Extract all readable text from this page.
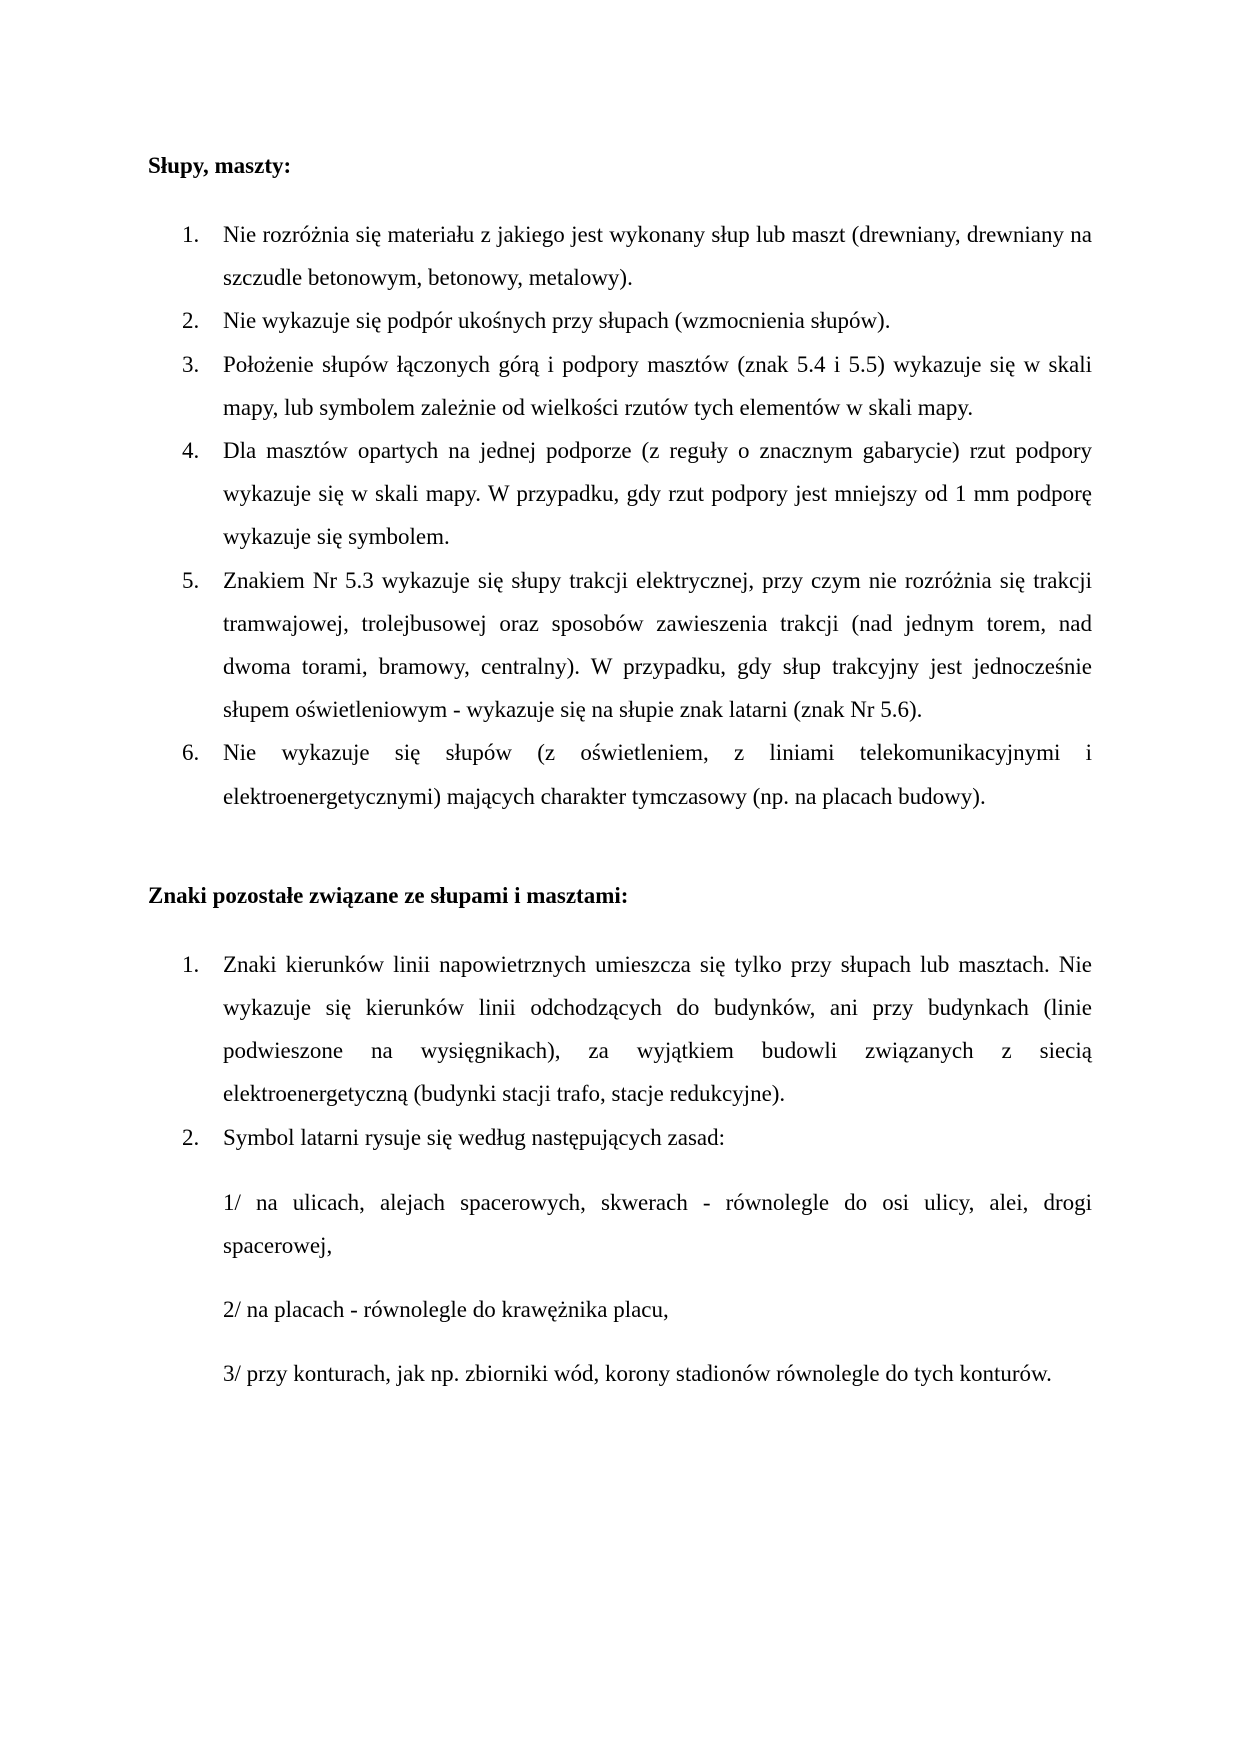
Słupy, maszty:

1. Nie rozróżnia się materiału z jakiego jest wykonany słup lub maszt (drewniany, drewniany na szczudle betonowym, betonowy, metalowy).
2. Nie wykazuje się podpór ukośnych przy słupach (wzmocnienia słupów).
3. Położenie słupów łączonych górą i podpory masztów (znak 5.4 i 5.5) wykazuje się w skali mapy, lub symbolem zależnie od wielkości rzutów tych elementów w skali mapy.
4. Dla masztów opartych na jednej podporze (z reguły o znacznym gabarycie) rzut podpory wykazuje się w skali mapy. W przypadku, gdy rzut podpory jest mniejszy od 1 mm podporę wykazuje się symbolem.
5. Znakiem Nr 5.3 wykazuje się słupy trakcji elektrycznej, przy czym nie rozróżnia się trakcji tramwajowej, trolejbusowej oraz sposobów zawieszenia trakcji (nad jednym torem, nad dwoma torami, bramowy, centralny). W przypadku, gdy słup trakcyjny jest jednocześnie słupem oświetleniowym - wykazuje się na słupie znak latarni (znak Nr 5.6).
6. Nie wykazuje się słupów (z oświetleniem, z liniami telekomunikacyjnymi i elektroenergetycznymi) mających charakter tymczasowy (np. na placach budowy).

Znaki pozostałe związane ze słupami i masztami:

1. Znaki kierunków linii napowietrznych umieszcza się tylko przy słupach lub masztach. Nie wykazuje się kierunków linii odchodzących do budynków, ani przy budynkach (linie podwieszone na wysięgnikach), za wyjątkiem budowli związanych z siecią elektroenergetyczną (budynki stacji trafo, stacje redukcyjne).
2. Symbol latarni rysuje się według następujących zasad:

1/ na ulicach, alejach spacerowych, skwerach - równolegle do osi ulicy, alei, drogi spacerowej,

2/ na placach - równolegle do krawężnika placu,

3/ przy konturach, jak np. zbiorniki wód, korony stadionów równolegle do tych konturów.
